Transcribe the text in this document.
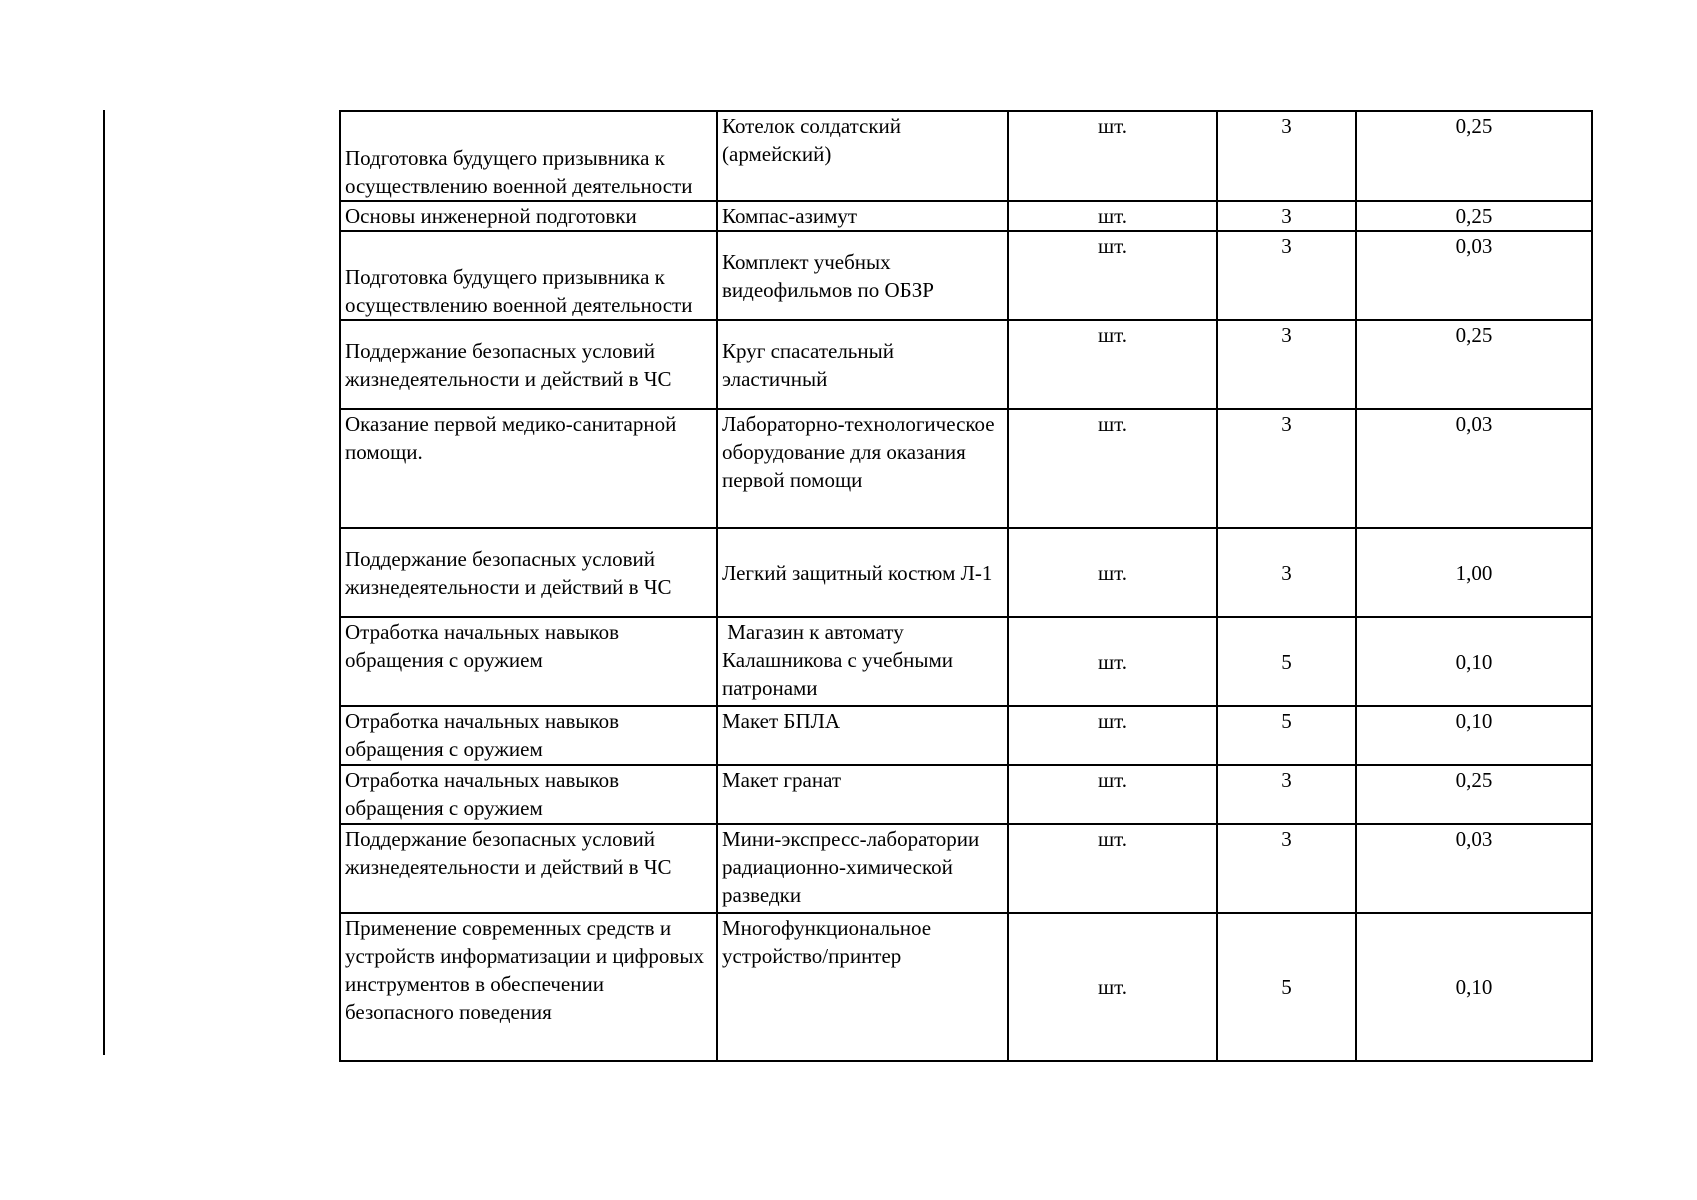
Подготовка будущего призывника к осуществлению военной деятельности	Котелок солдатский (армейский)	шт.	3	0,25
Основы инженерной подготовки	Компас-азимут	шт.	3	0,25
Подготовка будущего призывника к осуществлению военной деятельности	Комплект учебных видеофильмов по ОБЗР	шт.	3	0,03
Поддержание безопасных условий жизнедеятельности и действий в ЧС	Круг спасательный эластичный	шт.	3	0,25
Оказание первой медико-санитарной помощи.	Лабораторно-технологическое оборудование для оказания первой помощи	шт.	3	0,03
Поддержание безопасных условий жизнедеятельности и действий в ЧС	Легкий защитный костюм Л-1	шт.	3	1,00
Отработка начальных навыков обращения с оружием	Магазин к автомату Калашникова с учебными патронами	шт.	5	0,10
Отработка начальных навыков обращения с оружием	Макет БПЛА	шт.	5	0,10
Отработка начальных навыков обращения с оружием	Макет гранат	шт.	3	0,25
Поддержание безопасных условий жизнедеятельности и действий в ЧС	Мини-экспресс-лаборатории радиационно-химической разведки	шт.	3	0,03
Применение современных средств и устройств информатизации и цифровых инструментов в обеспечении безопасного поведения	Многофункциональное устройство/принтер	шт.	5	0,10
